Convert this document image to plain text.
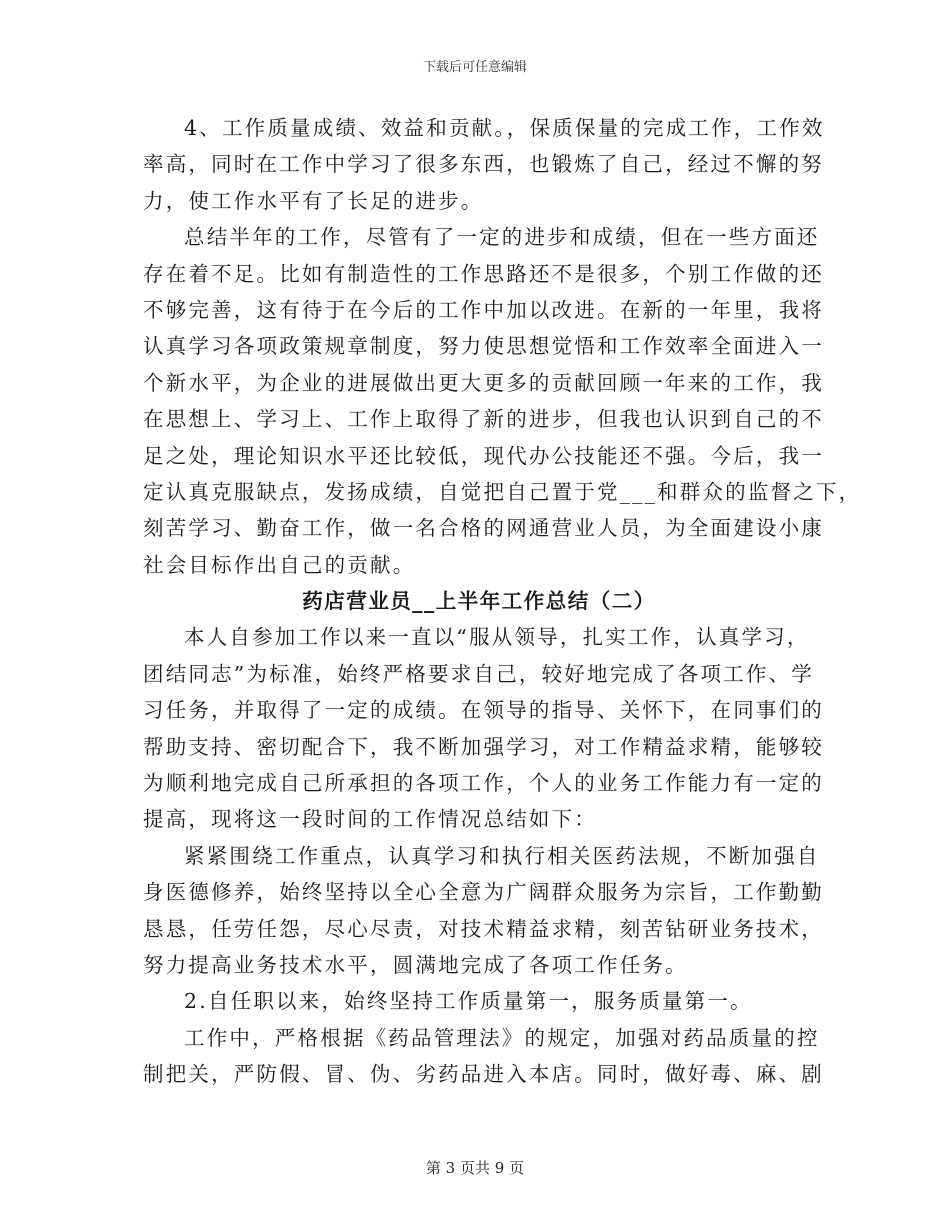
下载后可任意编辑
4、工作质量成绩、效益和贡献。，保质保量的完成工作，工作效
率高，同时在工作中学习了很多东西，也锻炼了自己，经过不懈的努
力，使工作水平有了长足的进步。
总结半年的工作，尽管有了一定的进步和成绩，但在一些方面还
存在着不足。比如有制造性的工作思路还不是很多，个别工作做的还
不够完善，这有待于在今后的工作中加以改进。在新的一年里，我将
认真学习各项政策规章制度，努力使思想觉悟和工作效率全面进入一
个新水平，为企业的进展做出更大更多的贡献回顾一年来的工作，我
在思想上、学习上、工作上取得了新的进步，但我也认识到自己的不
足之处，理论知识水平还比较低，现代办公技能还不强。今后，我一
定认真克服缺点，发扬成绩，自觉把自己置于党___和群众的监督之下，
刻苦学习、勤奋工作，做一名合格的网通营业人员，为全面建设小康
社会目标作出自己的贡献。
药店营业员__上半年工作总结（二）
本人自参加工作以来一直以“服从领导，扎实工作，认真学习，
团结同志”为标准，始终严格要求自己，较好地完成了各项工作、学
习任务，并取得了一定的成绩。在领导的指导、关怀下，在同事们的
帮助支持、密切配合下，我不断加强学习，对工作精益求精，能够较
为顺利地完成自己所承担的各项工作，个人的业务工作能力有一定的
提高，现将这一段时间的工作情况总结如下：
紧紧围绕工作重点，认真学习和执行相关医药法规，不断加强自
身医德修养，始终坚持以全心全意为广阔群众服务为宗旨，工作勤勤
恳恳，任劳任怨，尽心尽责，对技术精益求精，刻苦钻研业务技术，
努力提高业务技术水平，圆满地完成了各项工作任务。
2.自任职以来，始终坚持工作质量第一，服务质量第一。
工作中，严格根据《药品管理法》的规定，加强对药品质量的控
制把关，严防假、冒、伪、劣药品进入本店。同时，做好毒、麻、剧
第 3 页共 9 页
